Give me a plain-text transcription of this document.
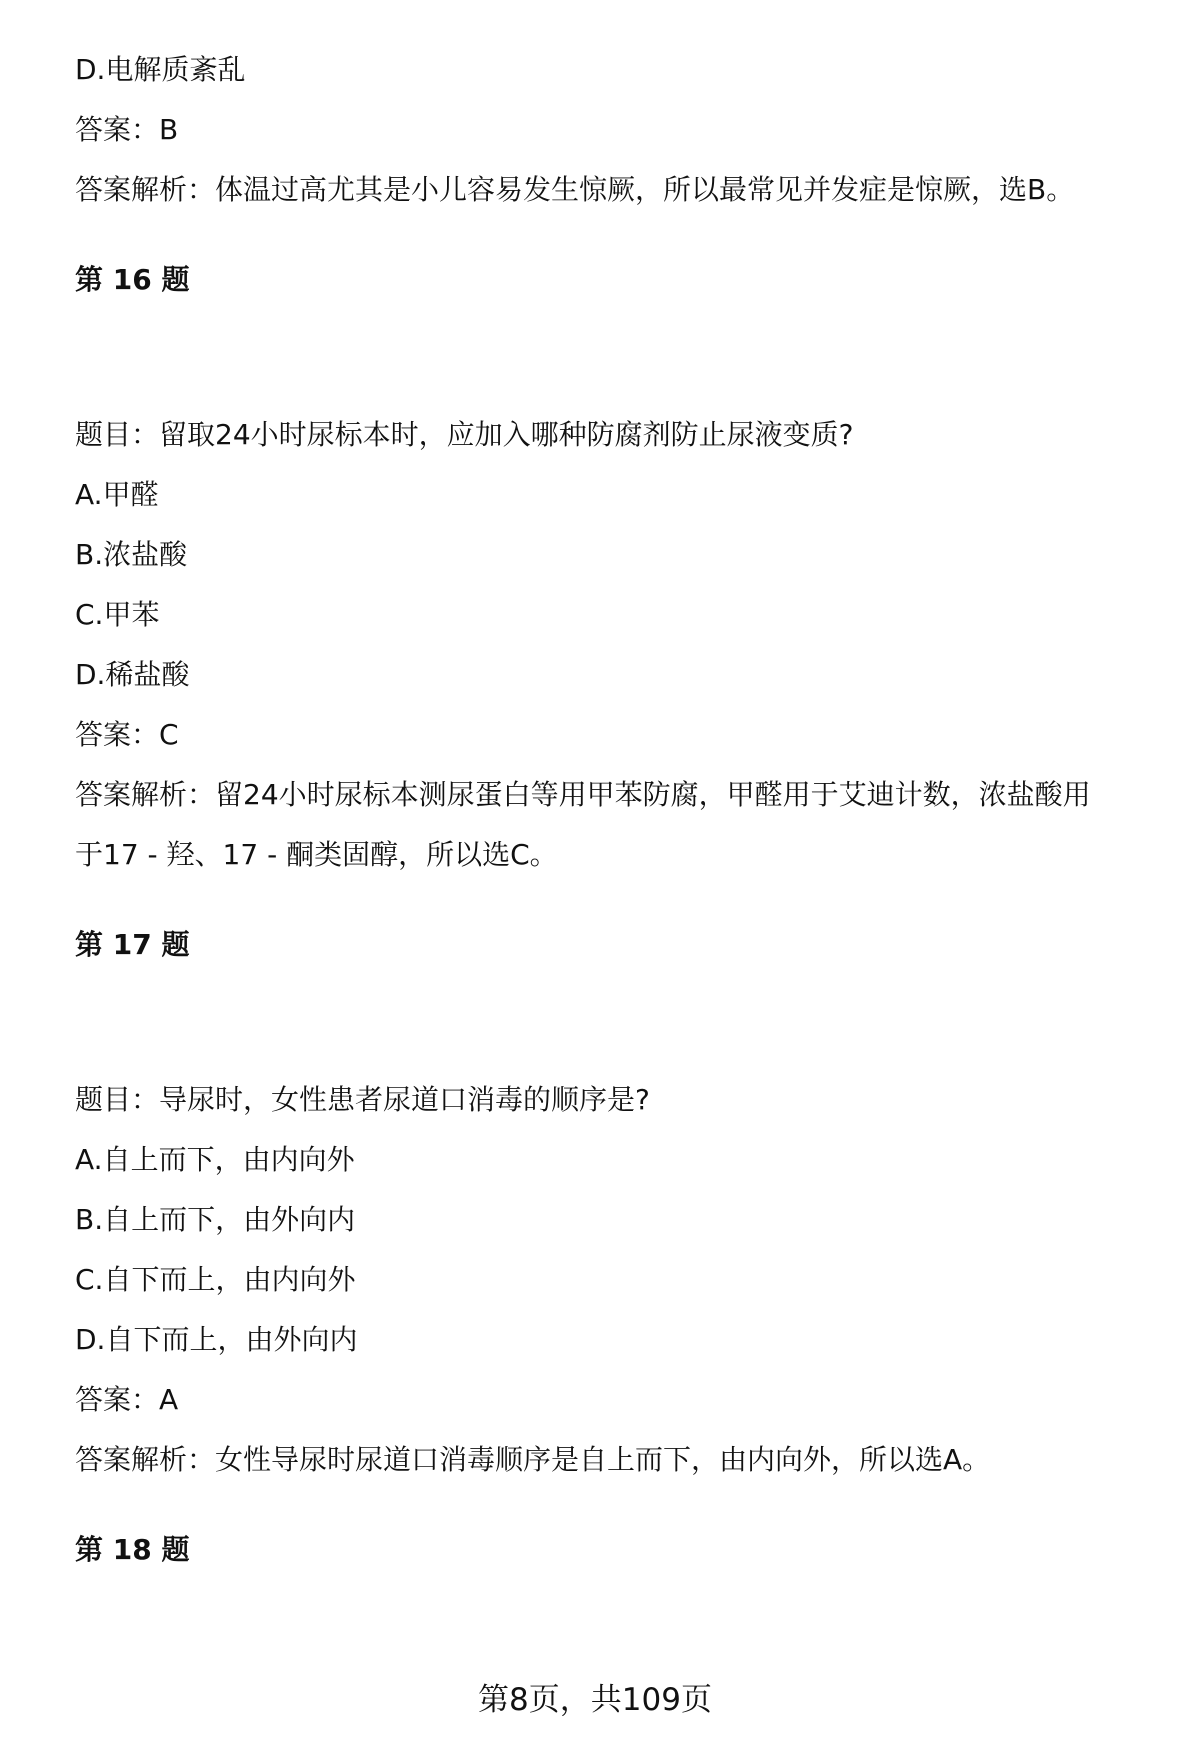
D.电解质紊乱
答案：B
答案解析：体温过高尤其是小儿容易发生惊厥，所以最常见并发症是惊厥，选B。
第 16 题
题目：留取24小时尿标本时，应加入哪种防腐剂防止尿液变质?
A.甲醛
B.浓盐酸
C.甲苯
D.稀盐酸
答案：C
答案解析：留24小时尿标本测尿蛋白等用甲苯防腐，甲醛用于艾迪计数，浓盐酸用
于17 - 羟、17 - 酮类固醇，所以选C。
第 17 题
题目：导尿时，女性患者尿道口消毒的顺序是?
A.自上而下，由内向外
B.自上而下，由外向内
C.自下而上，由内向外
D.自下而上，由外向内
答案：A
答案解析：女性导尿时尿道口消毒顺序是自上而下，由内向外，所以选A。
第 18 题
第8页，共109页
